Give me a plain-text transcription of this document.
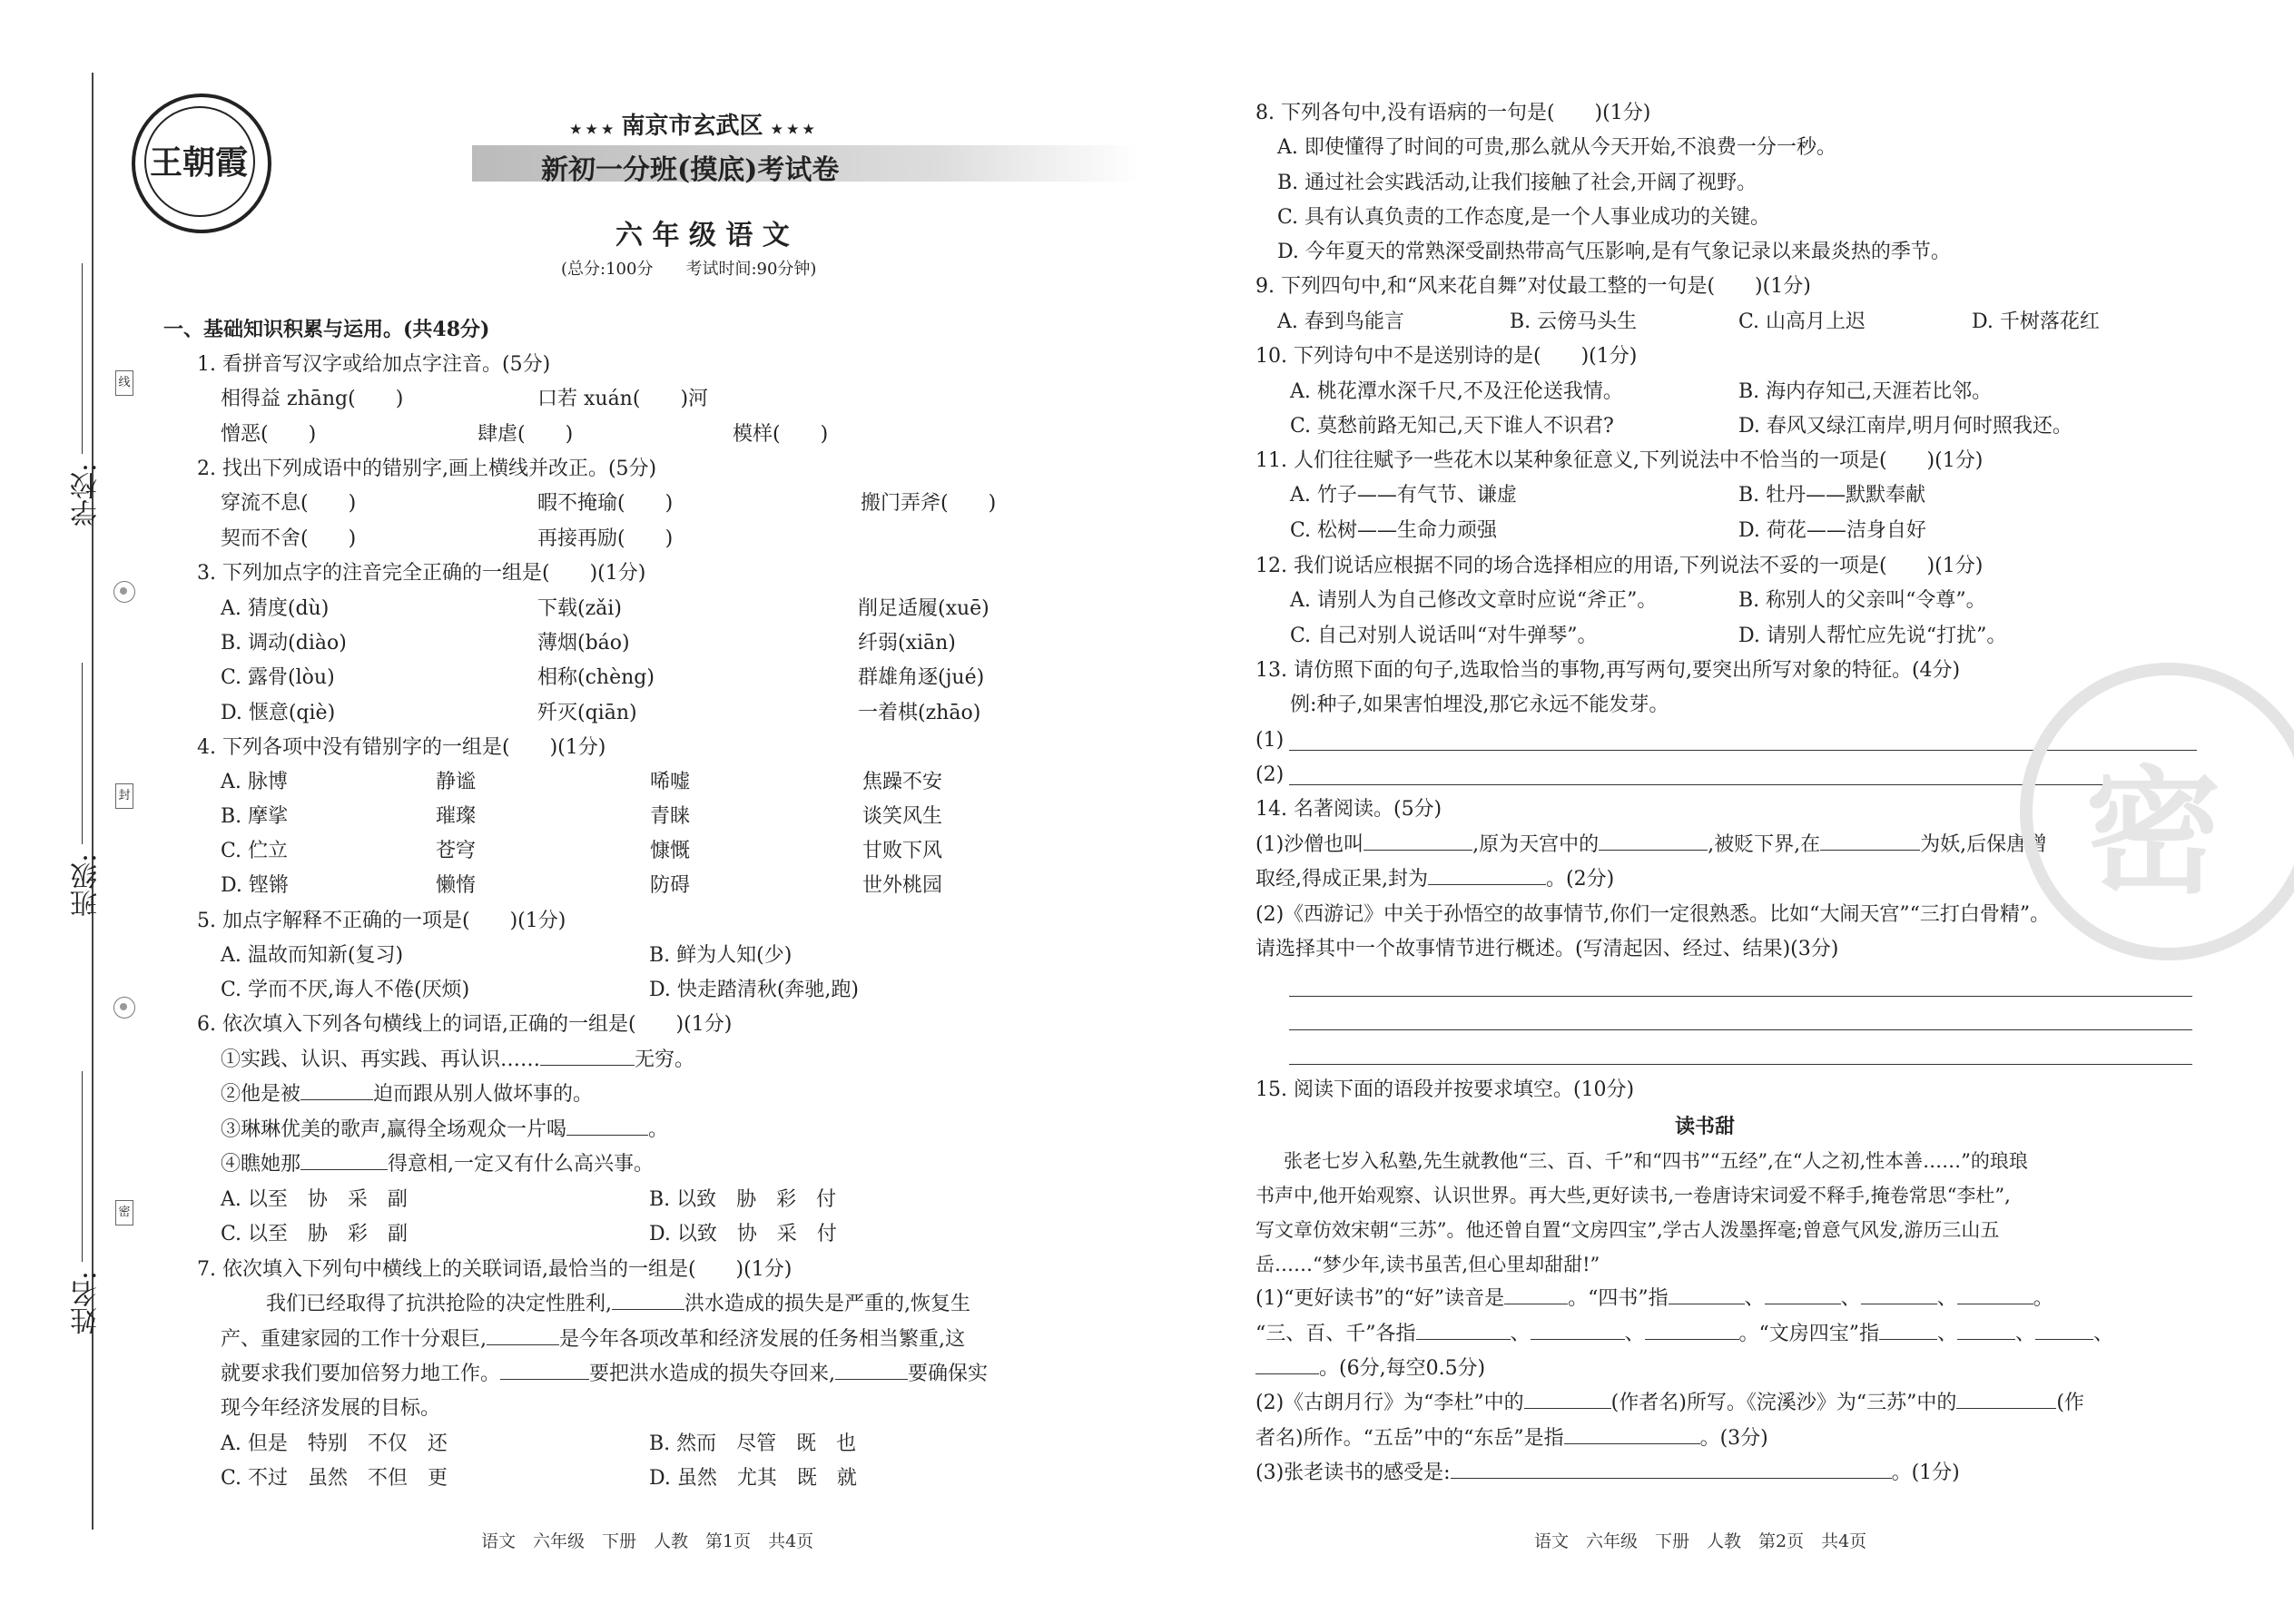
学校:
线
班级:
封
姓名:
密
王朝霞
★ ★ ★ 南京市玄武区 ★ ★ ★
新初一分班(摸底)考试卷
六 年 级 语 文
(总分:100分　　考试时间:90分钟)
一、基础知识积累与运用。(共48分)
1. 看拼音写汉字或给加点字注音。(5分)
相得益 zhāng(　　)	口若 xuán(　　)河
憎恶(　　)	肆虐(　　)	模样(　　)
2. 找出下列成语中的错别字,画上横线并改正。(5分)
穿流不息(　　)	暇不掩瑜(　　)	搬门弄斧(　　)
契而不舍(　　)	再接再励(　　)
3. 下列加点字的注音完全正确的一组是(　　)(1分)
A. 猜度(dù)	下载(zǎi)	削足适履(xuē)
B. 调动(diào)	薄烟(báo)	纤弱(xiān)
C. 露骨(lòu)	相称(chèng)	群雄角逐(jué)
D. 惬意(qiè)	歼灭(qiān)	一着棋(zhāo)
4. 下列各项中没有错别字的一组是(　　)(1分)
A. 脉博	静谧	唏嘘	焦躁不安
B. 摩挲	璀璨	青睐	谈笑风生
C. 伫立	苍穹	慷慨	甘败下风
D. 铿锵	懒惰	防碍	世外桃园
5. 加点字解释不正确的一项是(　　)(1分)
A. 温故而知新(复习)	B. 鲜为人知(少)
C. 学而不厌,诲人不倦(厌烦)	D. 快走踏清秋(奔驰,跑)
6. 依次填入下列各句横线上的词语,正确的一组是(　　)(1分)
①实践、认识、再实践、再认识……	无穷。
②他是被	迫而跟从别人做坏事的。
③琳琳优美的歌声,赢得全场观众一片喝	。
④瞧她那	得意相,一定又有什么高兴事。
A. 以至　协　采　副	B. 以致　胁　彩　付
C. 以至　胁　彩　副	D. 以致　协　采　付
7. 依次填入下列句中横线上的关联词语,最恰当的一组是(　　)(1分)
我们已经取得了抗洪抢险的决定性胜利,	洪水造成的损失是严重的,恢复生
产、重建家园的工作十分艰巨,	是今年各项改革和经济发展的任务相当繁重,这
就要求我们要加倍努力地工作。	要把洪水造成的损失夺回来,	要确保实
现今年经济发展的目标。
A. 但是　特别　不仅　还	B. 然而　尽管　既　也
C. 不过　虽然　不但　更	D. 虽然　尤其　既　就
语文　六年级　下册　人教　第1页　共4页
8. 下列各句中,没有语病的一句是(　　)(1分)
A. 即使懂得了时间的可贵,那么就从今天开始,不浪费一分一秒。
B. 通过社会实践活动,让我们接触了社会,开阔了视野。
C. 具有认真负责的工作态度,是一个人事业成功的关键。
D. 今年夏天的常熟深受副热带高气压影响,是有气象记录以来最炎热的季节。
9. 下列四句中,和“风来花自舞”对仗最工整的一句是(　　)(1分)
A. 春到鸟能言	B. 云傍马头生	C. 山高月上迟	D. 千树落花红
10. 下列诗句中不是送别诗的是(　　)(1分)
A. 桃花潭水深千尺,不及汪伦送我情。	B. 海内存知己,天涯若比邻。
C. 莫愁前路无知己,天下谁人不识君?	D. 春风又绿江南岸,明月何时照我还。
11. 人们往往赋予一些花木以某种象征意义,下列说法中不恰当的一项是(　　)(1分)
A. 竹子——有气节、谦虚	B. 牡丹——默默奉献
C. 松树——生命力顽强	D. 荷花——洁身自好
12. 我们说话应根据不同的场合选择相应的用语,下列说法不妥的一项是(　　)(1分)
A. 请别人为自己修改文章时应说“斧正”。	B. 称别人的父亲叫“令尊”。
C. 自己对别人说话叫“对牛弹琴”。	D. 请别人帮忙应先说“打扰”。
13. 请仿照下面的句子,选取恰当的事物,再写两句,要突出所写对象的特征。(4分)
例:种子,如果害怕埋没,那它永远不能发芽。
(1)
(2)
14. 名著阅读。(5分)
(1)沙僧也叫	,原为天宫中的	,被贬下界,在	为妖,后保唐僧
取经,得成正果,封为	。(2分)
(2)《西游记》中关于孙悟空的故事情节,你们一定很熟悉。比如“大闹天宫”“三打白骨精”。
请选择其中一个故事情节进行概述。(写清起因、经过、结果)(3分)
15. 阅读下面的语段并按要求填空。(10分)
读书甜
张老七岁入私塾,先生就教他“三、百、千”和“四书”“五经”,在“人之初,性本善……”的琅琅
书声中,他开始观察、认识世界。再大些,更好读书,一卷唐诗宋词爱不释手,掩卷常思“李杜”,
写文章仿效宋朝“三苏”。他还曾自置“文房四宝”,学古人泼墨挥毫;曾意气风发,游历三山五
岳……“梦少年,读书虽苦,但心里却甜甜!”
(1)“更好读书”的“好”读音是	。“四书”指	、	、	、	。
“三、百、千”各指	、	、	。“文房四宝”指	、	、	、
。(6分,每空0.5分)
(2)《古朗月行》为“李杜”中的	(作者名)所写。《浣溪沙》为“三苏”中的	(作
者名)所作。“五岳”中的“东岳”是指	。(3分)
(3)张老读书的感受是:	。(1分)
语文　六年级　下册　人教　第2页　共4页
密
